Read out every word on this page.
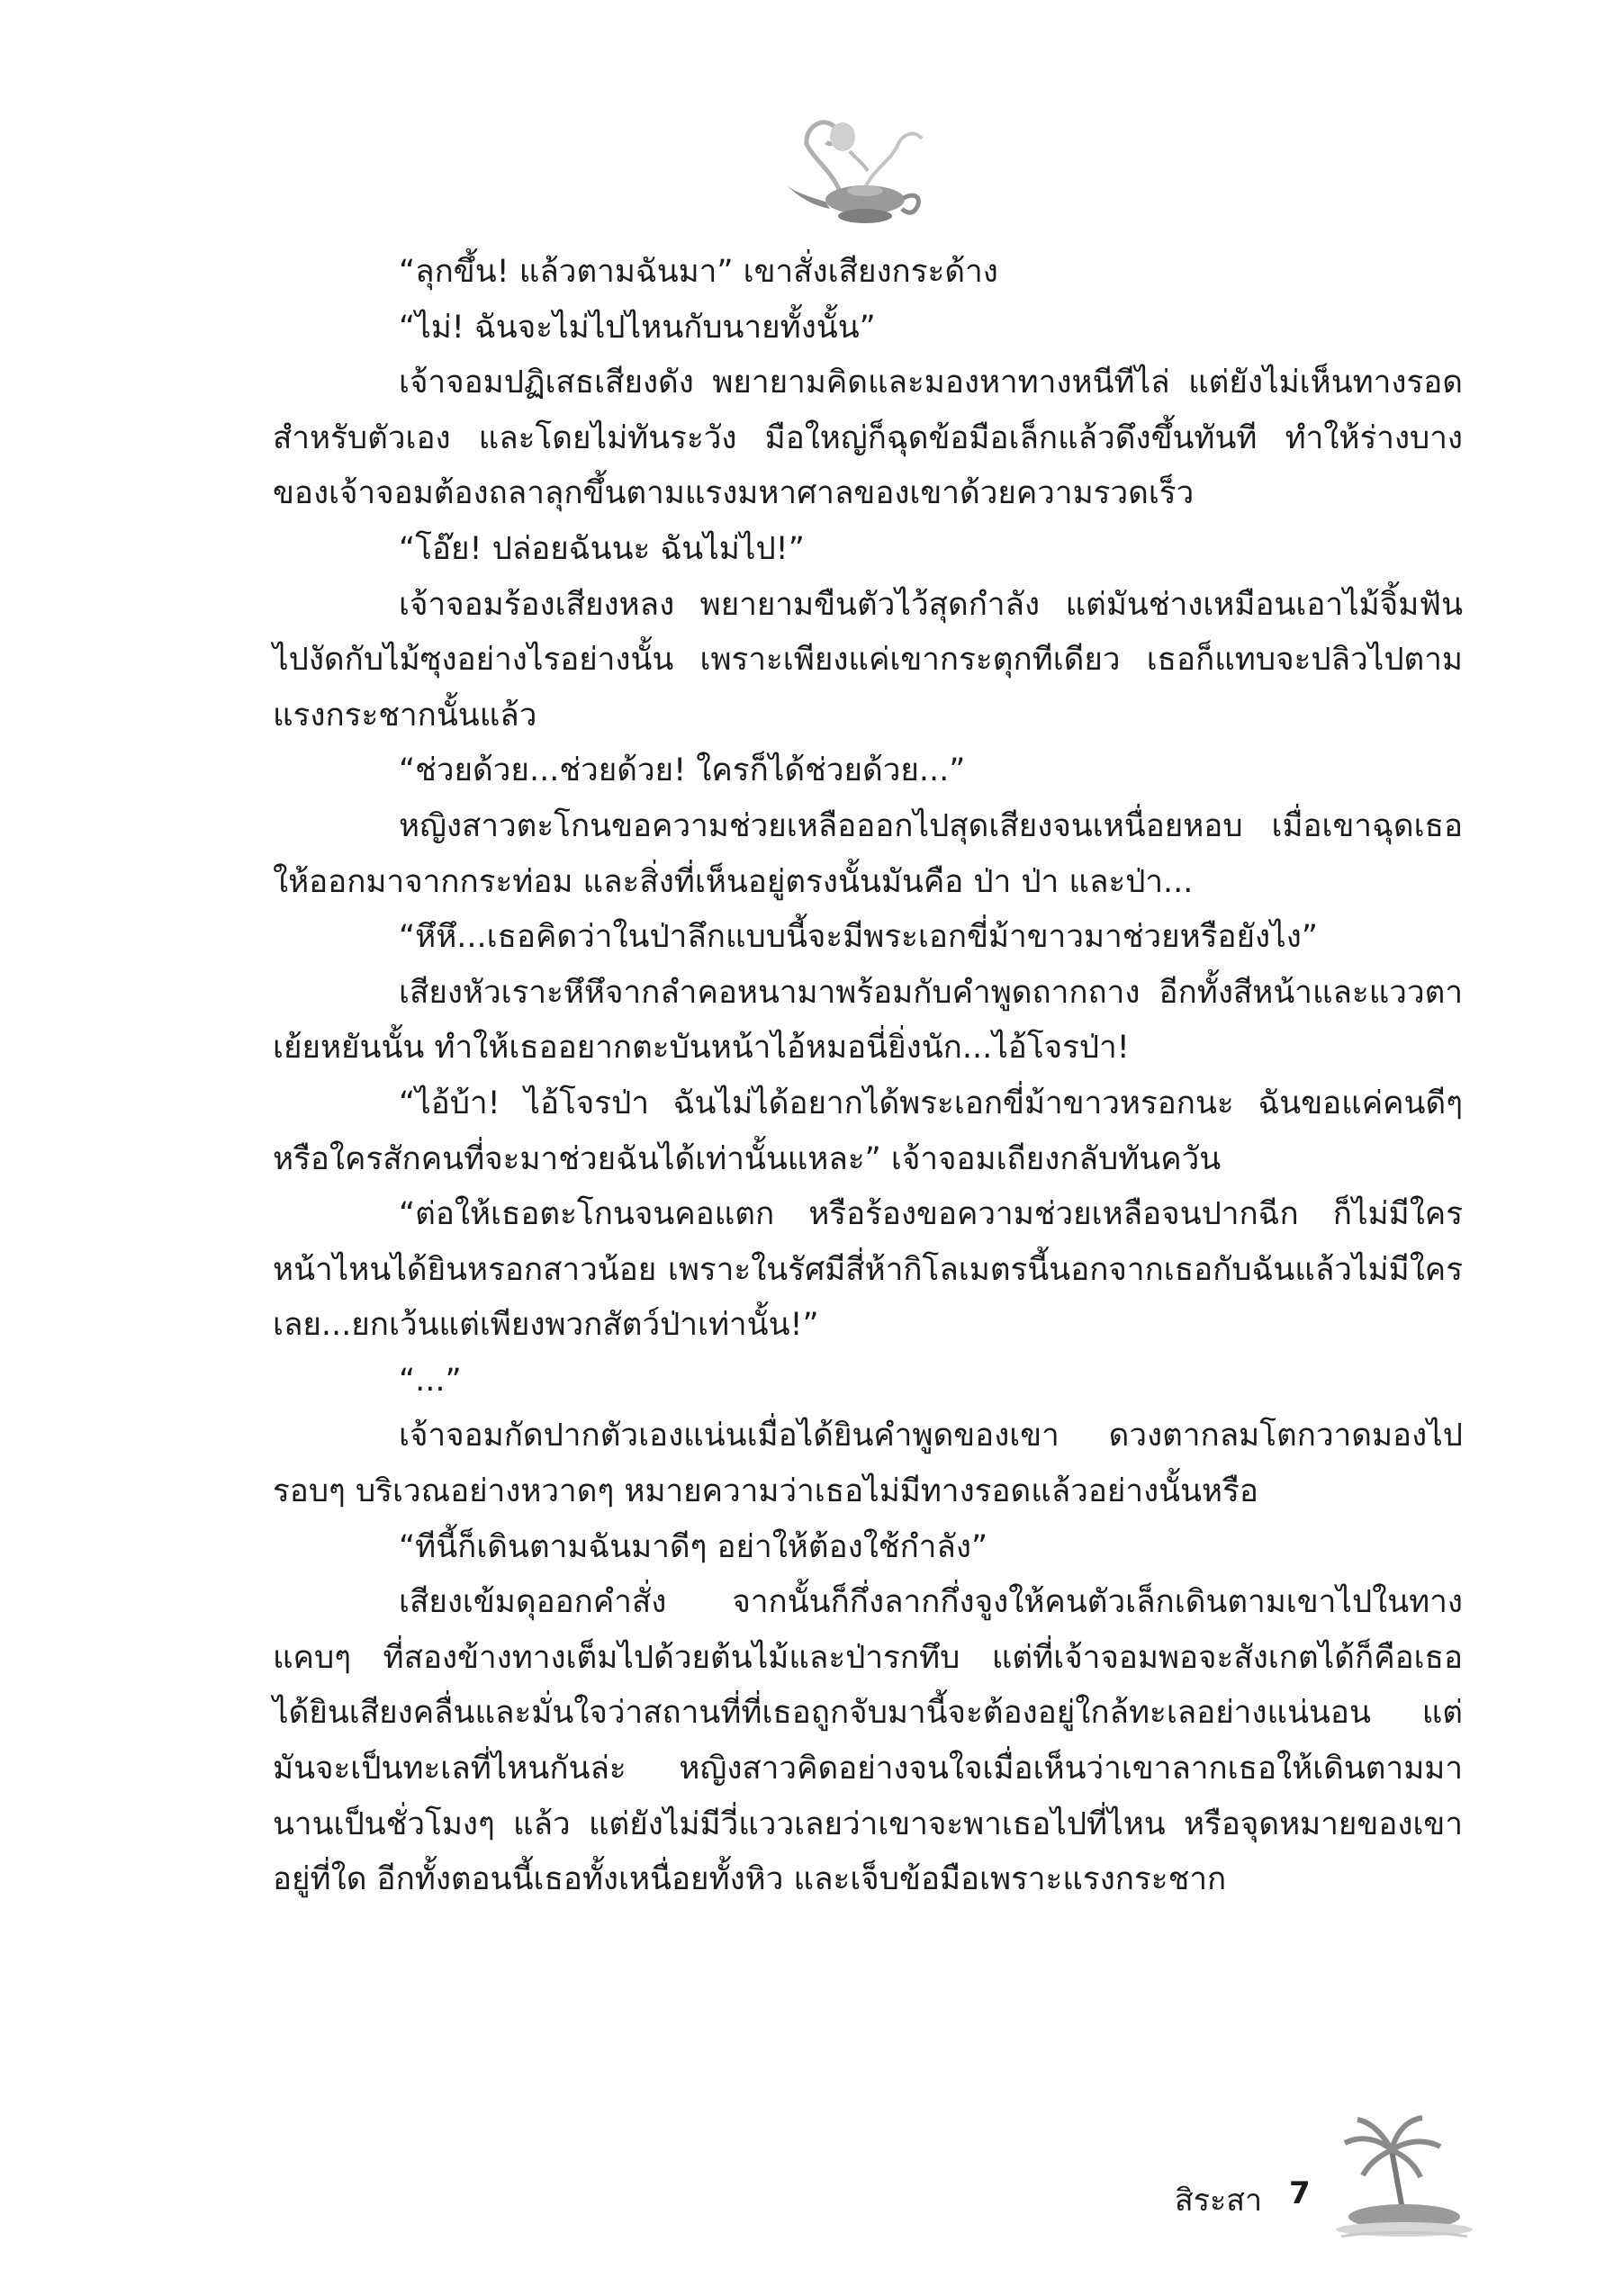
“ลุกขึ้น! แล้วตามฉันมา” เขาสั่งเสียงกระด้าง

“ไม่! ฉันจะไม่ไปไหนกับนายทั้งนั้น”

เจ้าจอมปฏิเสธเสียงดัง พยายามคิดและมองหาทางหนีทีไล่ แต่ยังไม่เห็นทางรอดสำหรับตัวเอง และโดยไม่ทันระวัง มือใหญ่ก็ฉุดข้อมือเล็กแล้วดึงขึ้นทันที ทำให้ร่างบางของเจ้าจอมต้องถลาลุกขึ้นตามแรงมหาศาลของเขาด้วยความรวดเร็ว

“โอ๊ย! ปล่อยฉันนะ ฉันไม่ไป!”

เจ้าจอมร้องเสียงหลง พยายามขืนตัวไว้สุดกำลัง แต่มันช่างเหมือนเอาไม้จิ้มฟันไปงัดกับไม้ซุงอย่างไรอย่างนั้น เพราะเพียงแค่เขากระตุกทีเดียว เธอก็แทบจะปลิวไปตามแรงกระชากนั้นแล้ว

“ช่วยด้วย...ช่วยด้วย! ใครก็ได้ช่วยด้วย...”

หญิงสาวตะโกนขอความช่วยเหลือออกไปสุดเสียงจนเหนื่อยหอบ เมื่อเขาฉุดเธอให้ออกมาจากกระท่อม และสิ่งที่เห็นอยู่ตรงนั้นมันคือ ป่า ป่า และป่า...

“หึหึ...เธอคิดว่าในป่าลึกแบบนี้จะมีพระเอกขี่ม้าขาวมาช่วยหรือยังไง”

เสียงหัวเราะหึหึจากลำคอหนามาพร้อมกับคำพูดถากถาง อีกทั้งสีหน้าและแววตาเย้ยหยันนั้น ทำให้เธออยากตะบันหน้าไอ้หมอนี่ยิ่งนัก...ไอ้โจรป่า!

“ไอ้บ้า! ไอ้โจรป่า ฉันไม่ได้อยากได้พระเอกขี่ม้าขาวหรอกนะ ฉันขอแค่คนดีๆ หรือใครสักคนที่จะมาช่วยฉันได้เท่านั้นแหละ” เจ้าจอมเถียงกลับทันควัน

“ต่อให้เธอตะโกนจนคอแตก หรือร้องขอความช่วยเหลือจนปากฉีก ก็ไม่มีใครหน้าไหนได้ยินหรอกสาวน้อย เพราะในรัศมีสี่ห้ากิโลเมตรนี้นอกจากเธอกับฉันแล้วไม่มีใครเลย...ยกเว้นแต่เพียงพวกสัตว์ป่าเท่านั้น!”

“...”

เจ้าจอมกัดปากตัวเองแน่นเมื่อได้ยินคำพูดของเขา ดวงตากลมโตกวาดมองไปรอบๆ บริเวณอย่างหวาดๆ หมายความว่าเธอไม่มีทางรอดแล้วอย่างนั้นหรือ

“ทีนี้ก็เดินตามฉันมาดีๆ อย่าให้ต้องใช้กำลัง”

เสียงเข้มดุออกคำสั่ง จากนั้นก็กึ่งลากกึ่งจูงให้คนตัวเล็กเดินตามเขาไปในทางแคบๆ ที่สองข้างทางเต็มไปด้วยต้นไม้และป่ารกทึบ แต่ที่เจ้าจอมพอจะสังเกตได้ก็คือเธอได้ยินเสียงคลื่นและมั่นใจว่าสถานที่ที่เธอถูกจับมานี้จะต้องอยู่ใกล้ทะเลอย่างแน่นอน แต่มันจะเป็นทะเลที่ไหนกันล่ะ หญิงสาวคิดอย่างจนใจเมื่อเห็นว่าเขาลากเธอให้เดินตามมานานเป็นชั่วโมงๆ แล้ว แต่ยังไม่มีวี่แววเลยว่าเขาจะพาเธอไปที่ไหน หรือจุดหมายของเขาอยู่ที่ใด อีกทั้งตอนนี้เธอทั้งเหนื่อยทั้งหิว และเจ็บข้อมือเพราะแรงกระชาก

สิระสา 7
